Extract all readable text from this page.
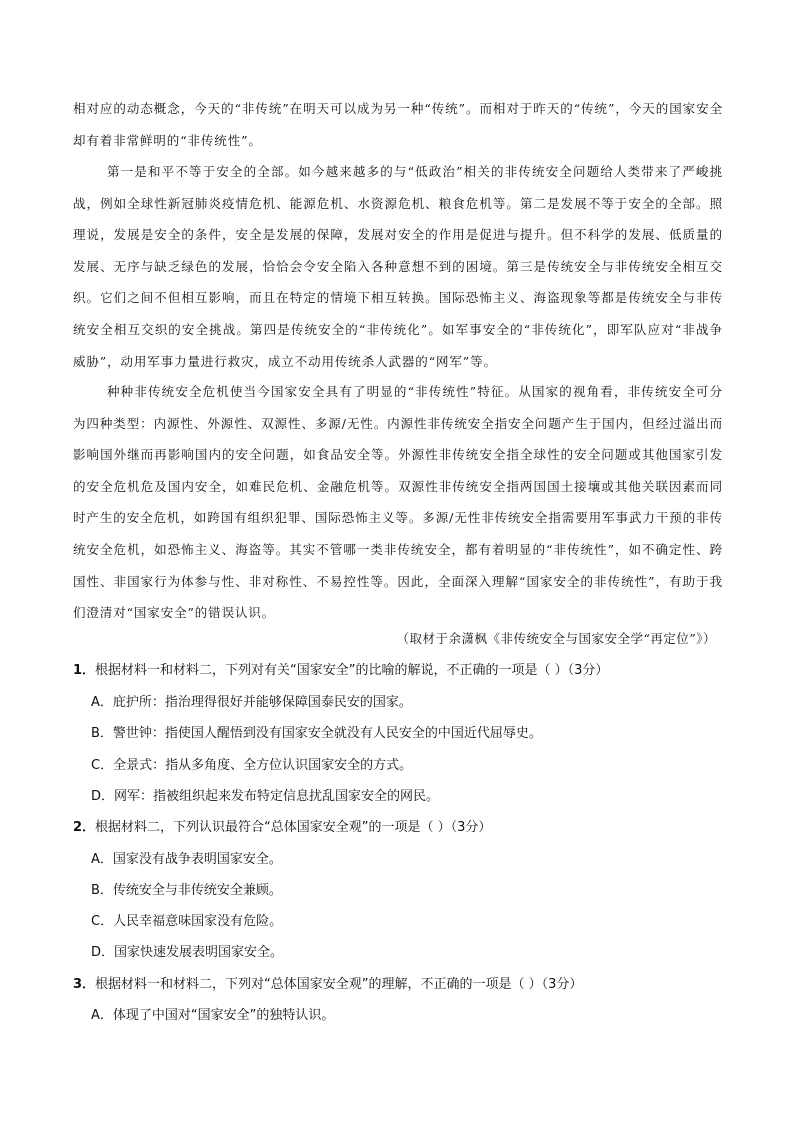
相对应的动态概念，今天的“非传统”在明天可以成为另一种“传统”。而相对于昨天的“传统”，今天的国家安全却有着非常鲜明的“非传统性”。

第一是和平不等于安全的全部。如今越来越多的与“低政治”相关的非传统安全问题给人类带来了严峻挑战，例如全球性新冠肺炎疫情危机、能源危机、水资源危机、粮食危机等。第二是发展不等于安全的全部。照理说，发展是安全的条件，安全是发展的保障，发展对安全的作用是促进与提升。但不科学的发展、低质量的发展、无序与缺乏绿色的发展，恰恰会令安全陷入各种意想不到的困境。第三是传统安全与非传统安全相互交织。它们之间不但相互影响，而且在特定的情境下相互转换。国际恐怖主义、海盗现象等都是传统安全与非传统安全相互交织的安全挑战。第四是传统安全的“非传统化”。如军事安全的“非传统化”，即军队应对“非战争威胁”，动用军事力量进行救灾，成立不动用传统杀人武器的“网军”等。

种种非传统安全危机使当今国家安全具有了明显的“非传统性”特征。从国家的视角看，非传统安全可分为四种类型：内源性、外源性、双源性、多源/无性。内源性非传统安全指安全问题产生于国内，但经过溢出而影响国外继而再影响国内的安全问题，如食品安全等。外源性非传统安全指全球性的安全问题或其他国家引发的安全危机危及国内安全，如难民危机、金融危机等。双源性非传统安全指两国国土接壤或其他关联因素而同时产生的安全危机，如跨国有组织犯罪、国际恐怖主义等。多源/无性非传统安全指需要用军事武力干预的非传统安全危机，如恐怖主义、海盗等。其实不管哪一类非传统安全，都有着明显的“非传统性”，如不确定性、跨国性、非国家行为体参与性、非对称性、不易控性等。因此，全面深入理解“国家安全的非传统性”，有助于我们澄清对“国家安全”的错误认识。

（取材于余潇枫《非传统安全与国家安全学“再定位”》）

1．根据材料一和材料二，下列对有关“国家安全”的比喻的解说，不正确的一项是（ ）（3分）

A．庇护所：指治理得很好并能够保障国泰民安的国家。

B．警世钟：指使国人醒悟到没有国家安全就没有人民安全的中国近代屈辱史。

C．全景式：指从多角度、全方位认识国家安全的方式。

D．网军：指被组织起来发布特定信息扰乱国家安全的网民。

2．根据材料二，下列认识最符合“总体国家安全观”的一项是（ ）（3分）

A．国家没有战争表明国家安全。

B．传统安全与非传统安全兼顾。

C．人民幸福意味国家没有危险。

D．国家快速发展表明国家安全。

3．根据材料一和材料二，下列对“总体国家安全观”的理解，不正确的一项是（ ）（3分）

A．体现了中国对“国家安全”的独特认识。
